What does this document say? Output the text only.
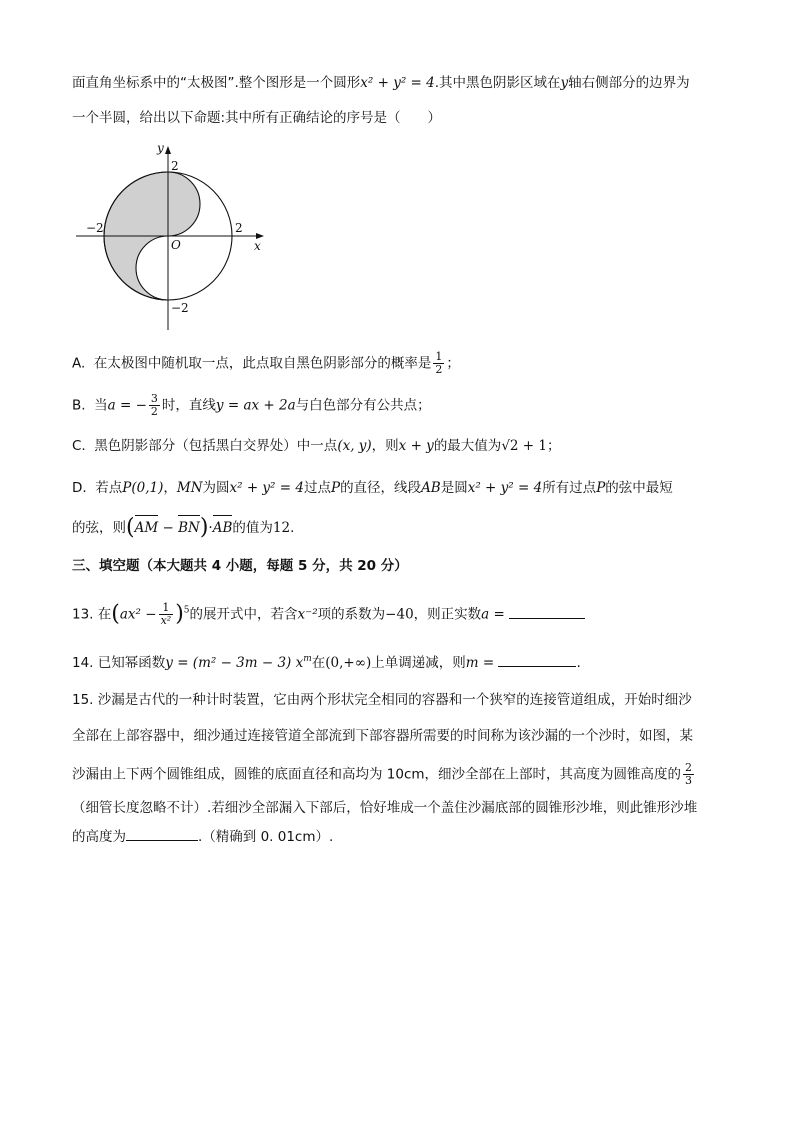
面直角坐标系中的“太极图”.整个图形是一个圆形x² + y² = 4.其中黑色阴影区域在y轴右侧部分的边界为
一个半圆，给出以下命题:其中所有正确结论的序号是（　　）
y
x
O
2
2
−2
−2
A. 在太极图中随机取一点，此点取自黑色阴影部分的概率是 $\frac{1}{2}$ ；
B. 当a = − $\frac{3}{2}$ 时，直线y = ax + 2a与白色部分有公共点；
C. 黑色阴影部分（包括黑白交界处）中一点(x, y)，则x + y的最大值为√2 + 1；
D. 若点P(0,1)，MN为圆x² + y² = 4过点P的直径，线段AB是圆x² + y² = 4所有过点P的弦中最短
的弦，则(AM − BN)·AB的值为12.
三、填空题（本大题共 4 小题，每题 5 分，共 20 分）
13. 在$(ax^2 - \frac{1}{\text{x²}} )^5$的展开式中，若含x⁻²项的系数为−40，则正实数a =
14. 已知幂函数y = (m² − 3m − 3) $x^m$在(0,+∞)上单调递减，则m =	.
15. 沙漏是古代的一种计时装置，它由两个形状完全相同的容器和一个狭窄的连接管道组成，开始时细沙
全部在上部容器中，细沙通过连接管道全部流到下部容器所需要的时间称为该沙漏的一个沙时，如图，某
沙漏由上下两个圆锥组成，圆锥的底面直径和高均为 10cm，细沙全部在上部时，其高度为圆锥高度的 $\frac{2}{3}$
（细管长度忽略不计）.若细沙全部漏入下部后，恰好堆成一个盖住沙漏底部的圆锥形沙堆，则此锥形沙堆
的高度为	.（精确到 0. 01cm）.
